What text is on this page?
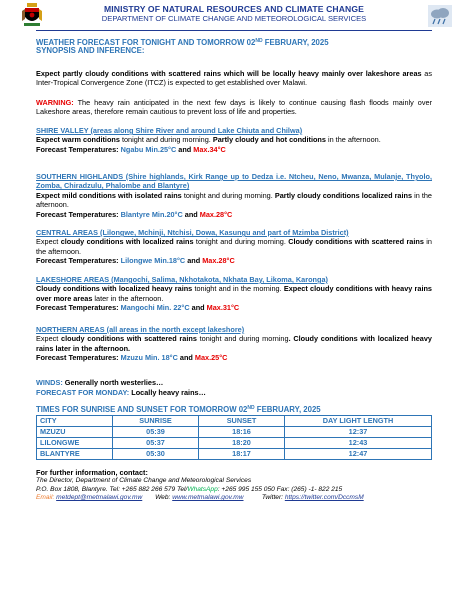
MINISTRY OF NATURAL RESOURCES AND CLIMATE CHANGE
DEPARTMENT OF CLIMATE CHANGE AND METEOROLOGICAL SERVICES
WEATHER FORECAST FOR TONIGHT AND TOMORROW 02ND FEBRUARY, 2025
SYNOPSIS AND INFERENCE:
Expect partly cloudy conditions with scattered rains which will be locally heavy mainly over lakeshore areas as Inter-Tropical Convergence Zone (ITCZ) is expected to get established over Malawi.
WARNING: The heavy rain anticipated in the next few days is likely to continue causing flash floods mainly over Lakeshore areas, therefore remain cautious to prevent loss of life and properties.
SHIRE VALLEY (areas along Shire River and around Lake Chiuta and Chilwa)
Expect warm conditions tonight and during morning. Partly cloudy and hot conditions in the afternoon.
Forecast Temperatures: Ngabu Min.25°C and Max.34°C
SOUTHERN HIGHLANDS (Shire highlands, Kirk Range up to Dedza i.e. Ntcheu, Neno, Mwanza, Mulanje, Thyolo, Zomba, Chiradzulu, Phalombe and Blantyre)
Expect mild conditions with isolated rains tonight and during morning. Partly cloudy conditions localized rains in the afternoon.
Forecast Temperatures: Blantyre Min.20°C and Max.28°C
CENTRAL AREAS (Lilongwe, Mchinji, Ntchisi, Dowa, Kasungu and part of Mzimba District)
Expect cloudy conditions with localized rains tonight and during morning. Cloudy conditions with scattered rains in the afternoon.
Forecast Temperatures: Lilongwe Min.18°C and Max.28°C
LAKESHORE AREAS (Mangochi, Salima, Nkhotakota, Nkhata Bay, Likoma, Karonga)
Cloudy conditions with localized heavy rains tonight and in the morning. Expect cloudy conditions with heavy rains over more areas later in the afternoon.
Forecast Temperatures: Mangochi Min. 22°C and Max.31°C
NORTHERN AREAS (all areas in the north except lakeshore)
Expect cloudy conditions with scattered rains tonight and during morning. Cloudy conditions with localized heavy rains later in the afternoon.
Forecast Temperatures: Mzuzu Min. 18°C and Max.25°C
WINDS: Generally north westerlies…
FORECAST FOR MONDAY: Locally heavy rains…
TIMES FOR SUNRISE AND SUNSET FOR TOMORROW 02ND FEBRUARY, 2025
CITY	SUNRISE	SUNSET	DAY LIGHT LENGTH
MZUZU	05:39	18:16	12:37
LILONGWE	05:37	18:20	12:43
BLANTYRE	05:30	18:17	12:47
For further information, contact:
The Director, Department of Climate Change and Meteorological Services
P.O. Box 1808, Blantyre. Tel: +265 882 266 579 Tel/WhatsApp: +265 995 155 050 Fax: (265) -1- 822 215
Email: metdept@metmalawi.gov.mw Web: www.metmalawi.gov.mw	Twitter: https://twitter.com/DccmsM
